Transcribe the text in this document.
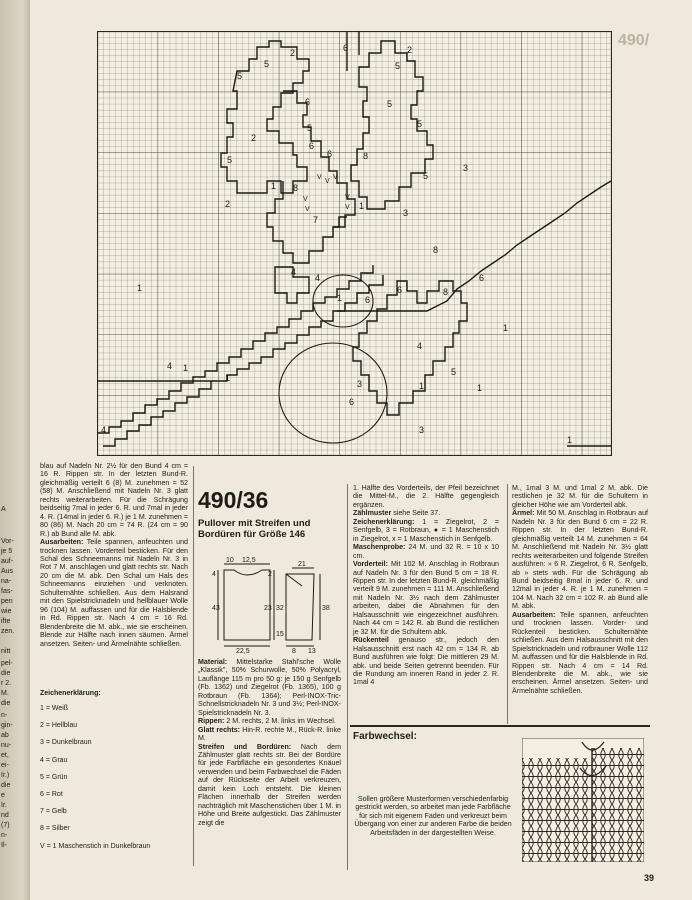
A
Vor-
je 5
auf-
Aus
na-
fas-
pen
wie
ifte
zen.
nitt
pel-
die
r 2.
M.
die
n-
gin-
ab
nu-
et,
ei-
Ir.)
die
e
Ir.
nd
(7)
n-
Il-
490/
2
5
2
5
6
5
2
5
2
6
5
6
1 8
7
6	8
5
5
5
3
4
4
1	6
6	8
4
5
1
3
1
1
4
4
1
3
1
6
6
3	1
1
8
1
V
V
V
V
V
V
V

blau auf Nadeln Nr. 2½ für den Bund 4 cm = 16 R. Rippen str. In der letzten Bund-R. gleichmäßig verteilt 6 (8) M. zunehmen = 52 (58) M. Anschließend mit Nadeln Nr. 3 glatt rechts weiterarbeiten. Für die Schrägung beidseitig 7mal in jeder 6. R. und 7mal in jeder 4. R. (14mal in jeder 6. R.) je 1 M. zunehmen = 80 (86) M. Nach 20 cm = 74 R. (24 cm = 90 R.) ab Bund alle M. abk.

Ausarbeiten: Teile spannen, anfeuchten und trocknen lassen. Vorderteil besticken. Für den Schal des Schneemanns mit Nadeln Nr. 3 in Rot 7 M. anschlagen und glatt rechts str. Nach 20 cm die M. abk. Den Schal um Hals des Schneemanns einziehen und verknoten. Schulternähte schließen. Aus dem Halsrand mit den Spielstricknadeln und hellblauer Wolle 96 (104) M. auffassen und für die Halsblende in Rd. Rippen str. Nach 4 cm = 16 Rd. Blendenbreite die M. abk., wie sie erscheinen. Blende zur Hälfte nach innen säumen. Ärmel ansetzen. Seiten- und Ärmelnähte schließen.

Zeichenerklärung:
1 = Weiß
2 = Hellblau
3 = Dunkelbraun
4 = Grau
5 = Grün
6 = Rot
7 = Gelb
8 = Silber
V = 1 Maschenstich in Dunkelbraun
490/36
Pullover mit Streifen und Bordüren für Größe 146
10 12,5
4	2
43	23
22,5
32
21
38
15
8 13

Material: Mittelstarke Stahl'sche Wolle „Klassik", 50% Schurwolle, 50% Polyacryl, Lauflänge 115 m pro 50 g: je 150 g Senfgelb (Fb. 1362) und Ziegelrot (Fb. 1365), 100 g Rotbraun (Fb. 1364); Perl-INOX-Tric-Schnellstricknadeln Nr. 3 und 3½; Perl-INOX-Spielstricknadeln Nr. 3.

Rippen: 2 M. rechts, 2 M. links im Wechsel.

Glatt rechts: Hin-R. rechte M., Rück-R. linke M.

Streifen und Bordüren: Nach dem Zählmuster glatt rechts str. Bei der Bordüre für jede Farbfläche ein gesondertes Knäuel verwenden und beim Farbwechsel die Fäden auf der Rückseite der Arbeit verkreuzen, damit kein Loch entsteht. Die kleinen Flächen innerhalb der Streifen werden nachträglich mit Maschenstichen über 1 M. in Höhe und Breite aufgestickt. Das Zählmuster zeigt die

1. Hälfte des Vorderteils, der Pfeil bezeichnet die Mittel-M., die 2. Hälfte gegengleich ergänzen.

Zählmuster siehe Seite 37.

Zeichenerklärung: 1 = Ziegelrot, 2 = Senfgelb, 3 = Rotbraun, ● = 1 Maschenstich in Ziegelrot, x = 1 Maschenstich in Senfgelb.

Maschenprobe: 24 M. und 32 R. = 10 x 10 cm.

Vorderteil: Mit 102 M. Anschlag in Rotbraun auf Nadeln Nr. 3 für den Bund 5 cm = 18 R. Rippen str. In der letzten Bund-R. gleichmäßig verteilt 9 M. zunehmen = 111 M. Anschließend mit Nadeln Nr. 3½ nach dem Zählmuster arbeiten, dabei die Abnahmen für den Halsausschnitt wie eingezeichnet ausführen. Nach 44 cm = 142 R. ab Bund die restlichen je 32 M. für die Schultern abk.

Rückenteil genauso str., jedoch den Halsausschnitt erst nach 42 cm = 134 R. ab Bund ausführen wie folgt: Die mittleren 29 M. abk. und beide Seiten getrennt beenden. Für die Rundung am inneren Rand in jeder 2. R. 1mal 4

M., 1mal 3 M. und 1mal 2 M. abk. Die restlichen je 32 M. für die Schultern in gleicher Höhe wie am Vorderteil abk.

Ärmel: Mit 50 M. Anschlag in Rotbraun auf Nadeln Nr. 3 für den Bund 6 cm = 22 R. Rippen str. In der letzten Bund-R. gleichmäßig verteilt 14 M. zunehmen = 64 M. Anschließend mit Nadeln Nr. 3½ glatt rechts weiterarbeiten und folgende Streifen ausführen: » 6 R. Ziegelrot, 6 R. Senfgelb, ab » stets wdh. Für die Schrägung ab Bund beidseitig 8mal in jeder 6. R. und 12mal in jeder 4. R. je 1 M. zunehmen = 104 M. Nach 32 cm = 102 R. ab Bund alle M. abk.

Ausarbeiten: Teile spannen, anfeuchten und trocknen lassen. Vorder- und Rückenteil besticken. Schulternähte schließen. Aus dem Halsausschnitt mit den Spielstricknadeln und rotbrauner Wolle 112 M. auffassen und für die Halsblende in Rd. Rippen str. Nach 4 cm = 14 Rd. Blendenbreite die M. abk., wie sie erscheinen. Ärmel ansetzen. Seiten- und Ärmelnähte schließen.

Farbwechsel:
Sollen größere Musterformen verschiedenfarbig gestrickt werden, so arbeitet man jede Farbfläche für sich mit eigenem Faden und verkreuzt beim Übergang von einer zur anderen Farbe die beiden Arbeitsfäden in der dargestellten Weise.
39
